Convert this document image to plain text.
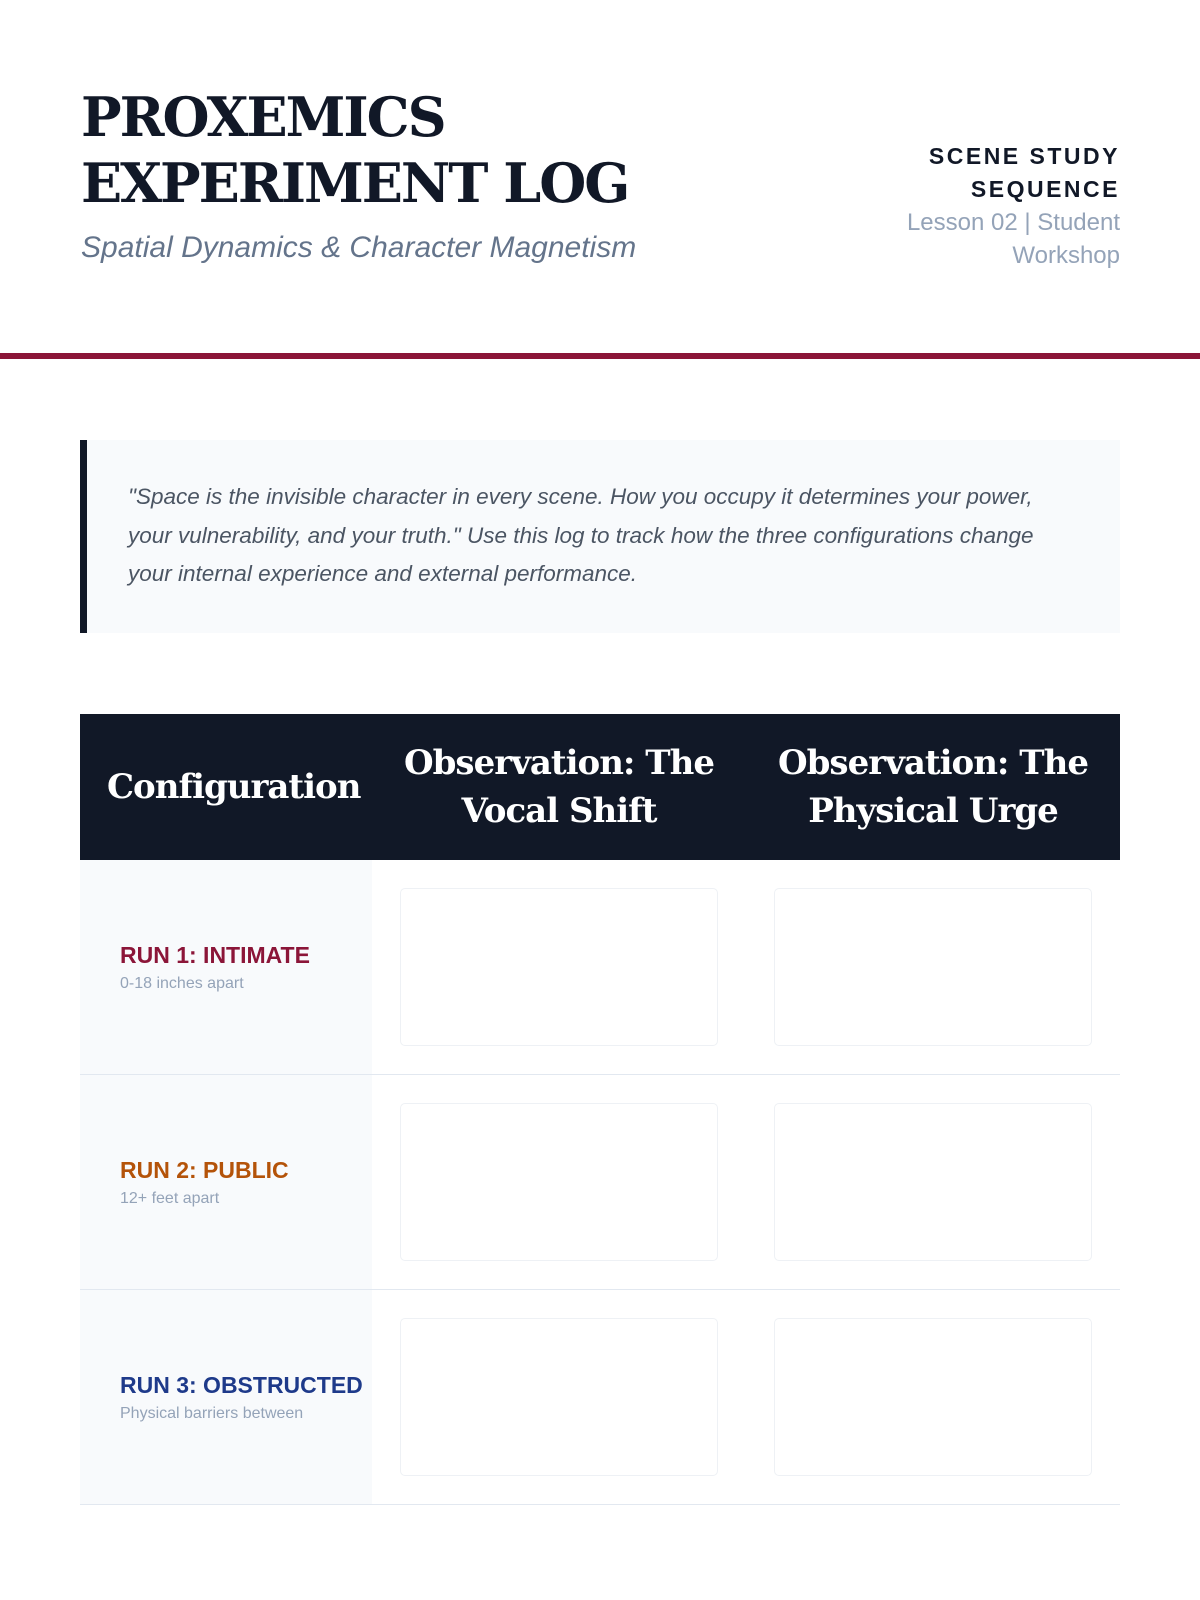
PROXEMICS EXPERIMENT LOG

Spatial Dynamics & Character Magnetism

SCENE STUDY SEQUENCE
Lesson 02 | Student Workshop

"Space is the invisible character in every scene. How you occupy it determines your power, your vulnerability, and your truth." Use this log to track how the three configurations change your internal experience and external performance.

Configuration
Observation: The Vocal Shift
Observation: The Physical Urge
RUN 1: INTIMATE
0-18 inches apart
RUN 2: PUBLIC
12+ feet apart
RUN 3: OBSTRUCTED
Physical barriers between
